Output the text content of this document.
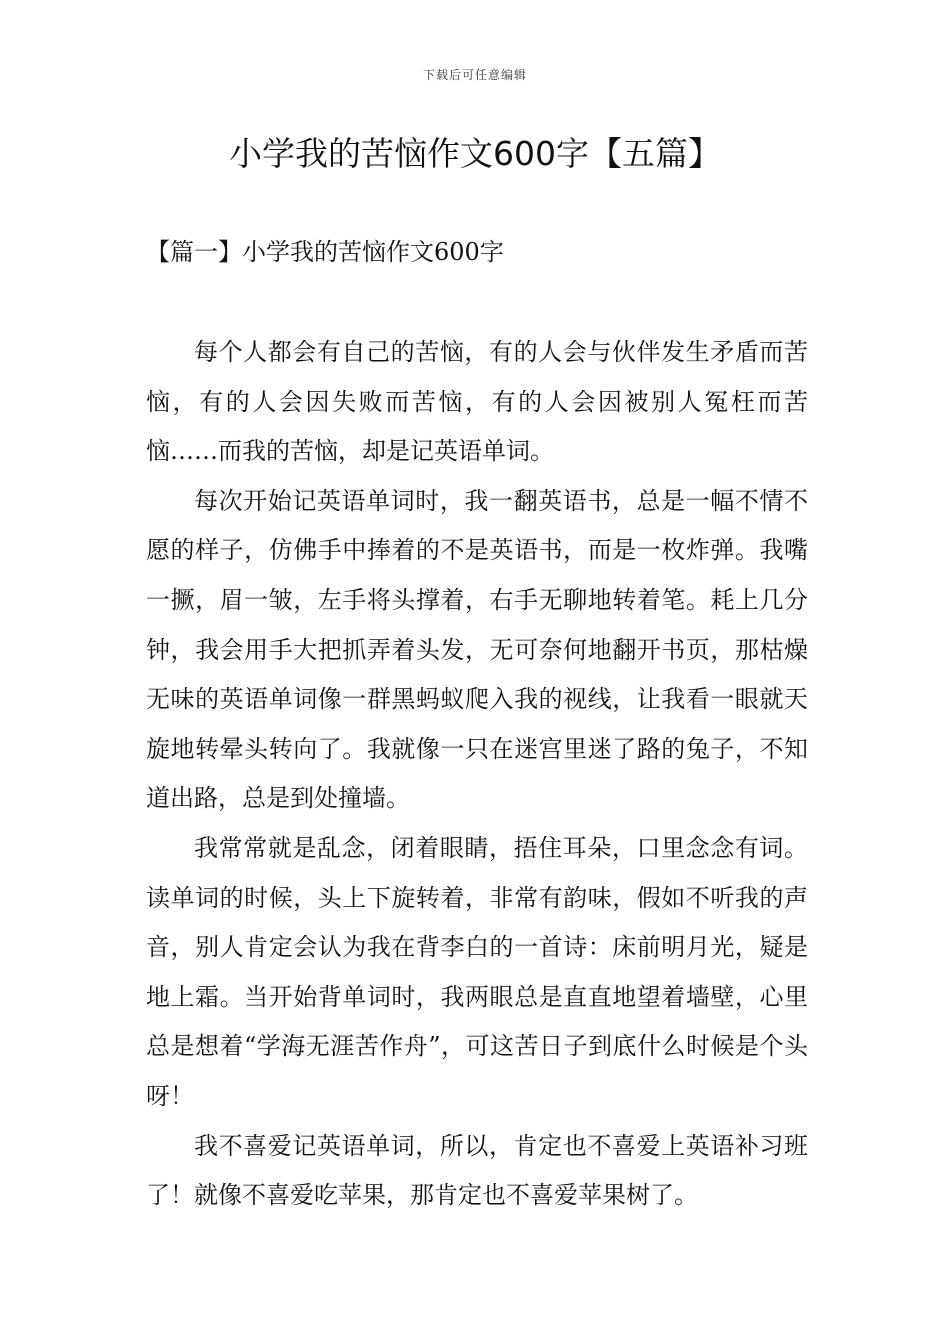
下载后可任意编辑
小学我的苦恼作文600字【五篇】
【篇一】小学我的苦恼作文600字

每个人都会有自己的苦恼，有的人会与伙伴发生矛盾而苦恼，有的人会因失败而苦恼，有的人会因被别人冤枉而苦恼……而我的苦恼，却是记英语单词。

每次开始记英语单词时，我一翻英语书，总是一幅不情不愿的样子，仿佛手中捧着的不是英语书，而是一枚炸弹。我嘴一撅，眉一皱，左手将头撑着，右手无聊地转着笔。耗上几分钟，我会用手大把抓弄着头发，无可奈何地翻开书页，那枯燥无味的英语单词像一群黑蚂蚁爬入我的视线，让我看一眼就天旋地转晕头转向了。我就像一只在迷宫里迷了路的兔子，不知道出路，总是到处撞墙。

我常常就是乱念，闭着眼睛，捂住耳朵，口里念念有词。读单词的时候，头上下旋转着，非常有韵味，假如不听我的声音，别人肯定会认为我在背李白的一首诗：床前明月光，疑是地上霜。当开始背单词时，我两眼总是直直地望着墙壁，心里总是想着“学海无涯苦作舟”，可这苦日子到底什么时候是个头呀！

我不喜爱记英语单词，所以，肯定也不喜爱上英语补习班了！就像不喜爱吃苹果，那肯定也不喜爱苹果树了。
